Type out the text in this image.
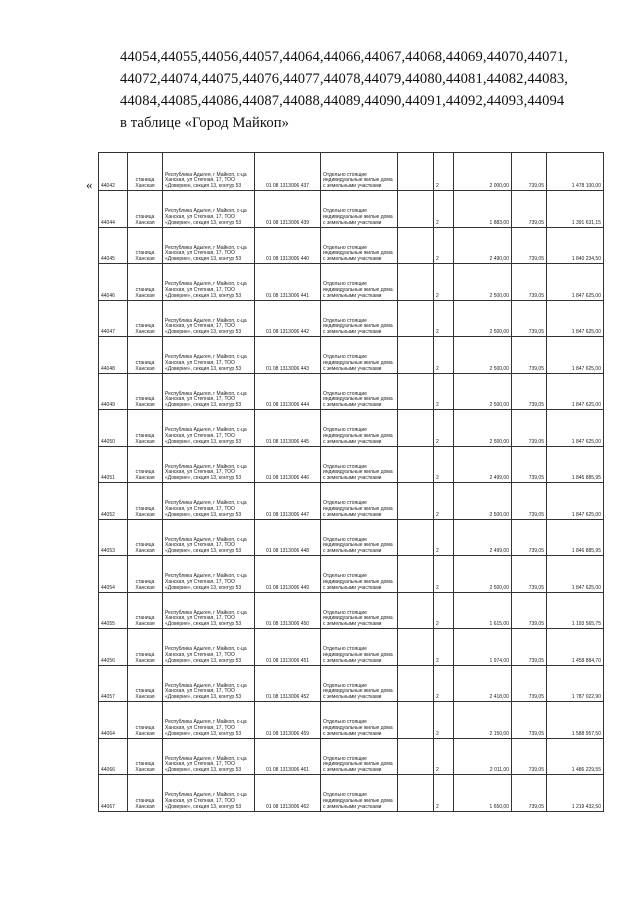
44054,44055,44056,44057,44064,44066,44067,44068,44069,44070,44071,

44072,44074,44075,44076,44077,44078,44079,44080,44081,44082,44083,

44084,44085,44086,44087,44088,44089,44090,44091,44092,44093,44094

в таблице «Город Майкоп»

« 44042	станица Ханская	Республика Адыгея, г Майкоп, с-ца Ханская, ул Степная, 17, ТОО «Довериен, секция 13, контур 53	01 08 1313006 437	Отдельно стоящие индивидуальные жилые дома с земельными участками		2	2 000,00	739,05	1 478 100,00
44044	станица Ханская	Республика Адыгея, г Майкоп, с-ца Ханская, ул Степная, 17, ТОО «Доверие», секция 13, контур 53	01 08 1313006 439	Отдельно стоящие индивидуальные жилые дома с земельными участками		2	1 883,00	739,05	1 391 631,15
44045	станица Ханская	Республика Адыгея, г Майкоп, с-ца Ханская, ул Степная, 17, ТОО «Доверие», секция 13, контур 53	01 08 1313006 440	Отдельно стоящие индивидуальные жилые дома с земельными участками		2	2 490,00	739,05	1 840 234,50
44046	станица Ханская	Республика Адыгея, г Майкоп, с-ца Ханская, ул Степная, 17, ТОО «Доверие», секция 13, контур 53	01 08 1313006 441	Отдельно стоящие индивидуальные жилые дома с земельными участками		2	2 500,00	739,05	1 847 625,00
44047	станица Ханская	Республика Адыгея, г Майкоп, с-ца Ханская, ул Степная, 17, ТОО «Доверие», секция 13, контур 53	01 08 1313006 442	Отдельно стоящие индивидуальные жилые дома с земельными участками		2	2 500,00	739,05	1 847 625,00
44048	станица Ханская	Республика Адыгея, г Майкоп, с-ца Ханская, ул Степная, 17, ТОО «Доверие», секция 13, контур 53	01 08 1313006 443	Отдельно стоящие индивидуальные жилые дома с земельными участками		2	2 500,00	739,05	1 847 625,00
44049	станица Ханская	Республика Адыгея, г Майкоп, с-ца Ханская, ул Степная, 17, ТОО «Доверие», секция 13, контур 53	01 08 1313006 444	Отдельно стоящие индивидуальные жилые дома с земельными участками		2	2 500,00	739,05	1 847 625,00
44050	станица Ханская	Республика Адыгея, г Майкоп, с-ца Ханская, ул Степная, 17, ТОО «Доверие», секция 13, контур 53	01 08 1313006 445	Отдельно стоящие индивидуальные жилые дома с земельными участками		2	2 500,00	739,05	1 847 625,00
44051	станица Ханская	Республика Адыгея, г Майкоп, с-ца Ханская, ул Степная, 17, ТОО «Доверие», секция 13, контур 53	01 08 1313006 446	Отдельно стоящие индивидуальные жилые дома с земельными участками		2	2 499,00	739,05	1 846 885,95
44052	станица Ханская	Республика Адыгея, г Майкоп, с-ца Ханская, ул Степная, 17, ТОО «Доверие», секция 13, контур 53	01 08 1313006 447	Отдельно стоящие индивидуальные жилые дома с земельными участками		2	2 500,00	739,05	1 847 625,00
44053	станица Ханская	Республика Адыгея, г Майкоп, с-ца Ханская, ул Степная, 17, ТОО «Доверие», секция 13, контур 53	01 08 1313006 448	Отдельно стоящие индивидуальные жилые дома с земельными участками		2	2 499,00	739,05	1 846 885,95
44054	станица Ханская	Республика Адыгея, г Майкоп, с-ца Ханская, ул Степная, 17, ТОО «Доверие», секция 13, контур 53	01 08 1313006 449	Отдельно стоящие индивидуальные жилые дома с земельными участками		2	2 500,00	739,05	1 847 625,00
44055	станица Ханская	Республика Адыгея, г Майкоп, с-ца Ханская, ул Степная, 17, ТОО «Доверие», секция 13, контур 53	01 08 1313006 450	Отдельно стоящие индивидуальные жилые дома с земельными участками		2	1 615,00	739,05	1 193 565,75
44056	станица Ханская	Республика Адыгея, г Майкоп, с-ца Ханская, ул Степная, 17, ТОО «Доверие», секция 13, контур 53	01 08 1313006 451	Отдельно стоящие индивидуальные жилые дома с земельными участками		2	1 974,00	739,05	1 458 884,70
44057	станица Ханская	Республика Адыгея, г Майкоп, с-ца Ханская, ул Степная, 17, ТОО «Доверие», секция 13, контур 53	01 08 1313006 452	Отдельно стоящие индивидуальные жилые дома с земельными участками		2	2 418,00	739,05	1 787 022,90
44064	станица Ханская	Республика Адыгея, г Майкоп, с-ца Ханская, ул Степная, 17, ТОО «Доверие», секция 13, контур 53	01 08 1313006 459	Отдельно стоящие индивидуальные жилые дома с земельными участками		2	2 150,00	739,05	1 588 957,50
44066	станица Ханская	Республика Адыгея, г Майкоп, с-ца Ханская, ул Степная, 17, ТОО «Доверие», секция 13, контур 53	01 08 1313006 461	Отдельно стоящие индивидуальные жилые дома с земельными участками		2	2 011,00	739,05	1 486 229,55
44067	станица Ханская	Республика Адыгея, г Майкоп, с-ца Ханская, ул Степная, 17, ТОО «Доверие», секция 13, контур 53	01 08 1313006 462	Отдельно стоящие индивидуальные жилые дома с земельными участками		2	1 650,00	739,05	1 219 432,50
